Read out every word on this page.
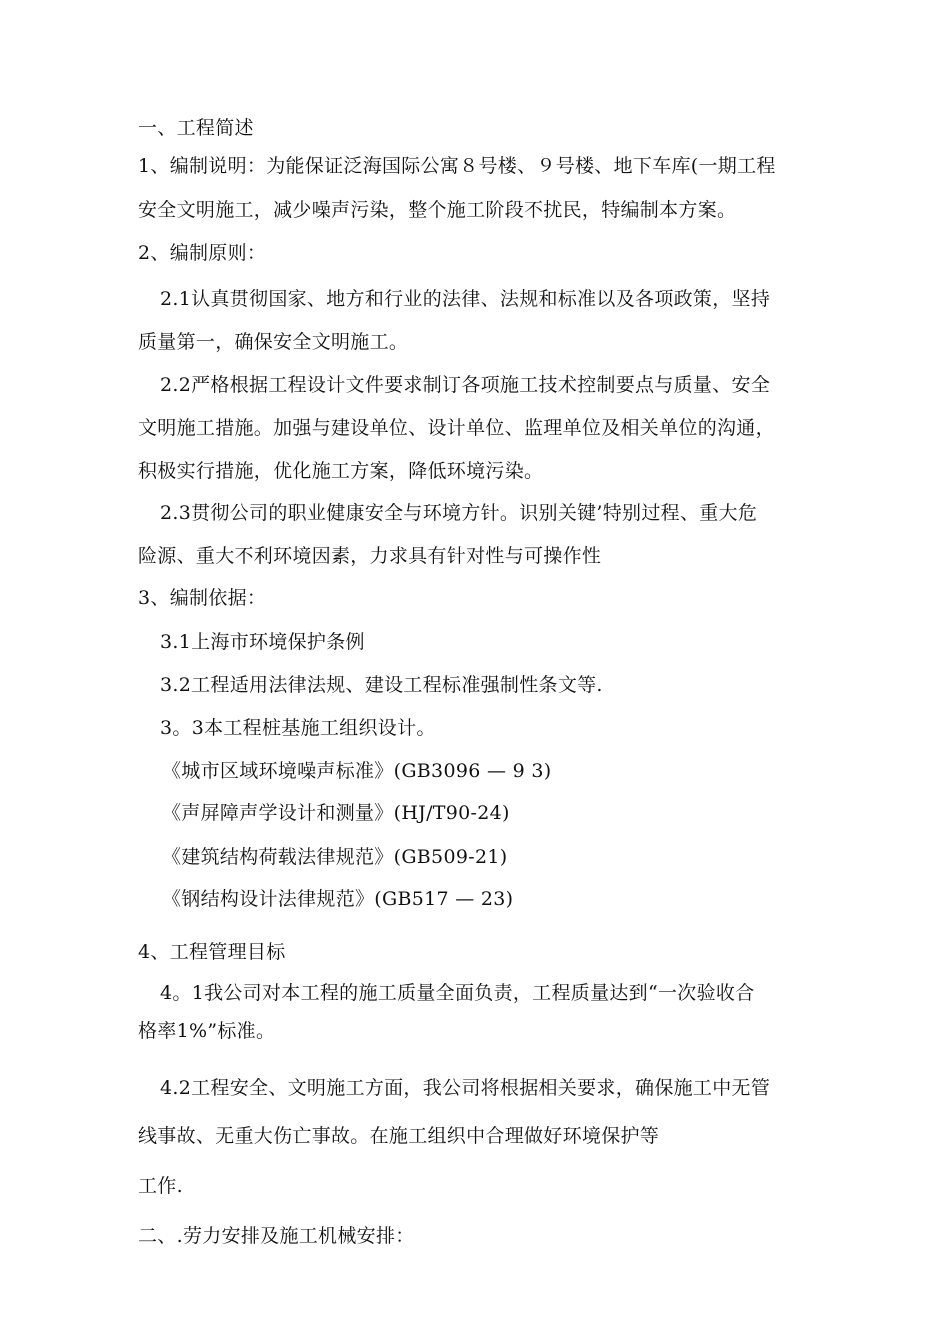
一、工程简述
1、编制说明：为能保证泛海国际公寓８号楼、９号楼、地下车库(一期工程
安全文明施工，减少噪声污染，整个施工阶段不扰民，特编制本方案。
2、编制原则：
2.1认真贯彻国家、地方和行业的法律、法规和标准以及各项政策，坚持
质量第一，确保安全文明施工。
2.2严格根据工程设计文件要求制订各项施工技术控制要点与质量、安全
文明施工措施。加强与建设单位、设计单位、监理单位及相关单位的沟通，
积极实行措施，优化施工方案，降低环境污染。
2.3贯彻公司的职业健康安全与环境方针。识别关键’特别过程、重大危
险源、重大不利环境因素，力求具有针对性与可操作性
3、编制依据：
3.1上海市环境保护条例
3.2工程适用法律法规、建设工程标准强制性条文等.
3。3本工程桩基施工组织设计。
《城市区域环境噪声标准》(GB3096 — 9 3)
《声屏障声学设计和测量》(HJ/T90-24)
《建筑结构荷载法律规范》(GB509-21)
《钢结构设计法律规范》(GB517 — 23)
4、工程管理目标
4。1我公司对本工程的施工质量全面负责，工程质量达到“一次验收合
格率1%”标准。
4.2工程安全、文明施工方面，我公司将根据相关要求，确保施工中无管
线事故、无重大伤亡事故。在施工组织中合理做好环境保护等
工作.
二、.劳力安排及施工机械安排：
